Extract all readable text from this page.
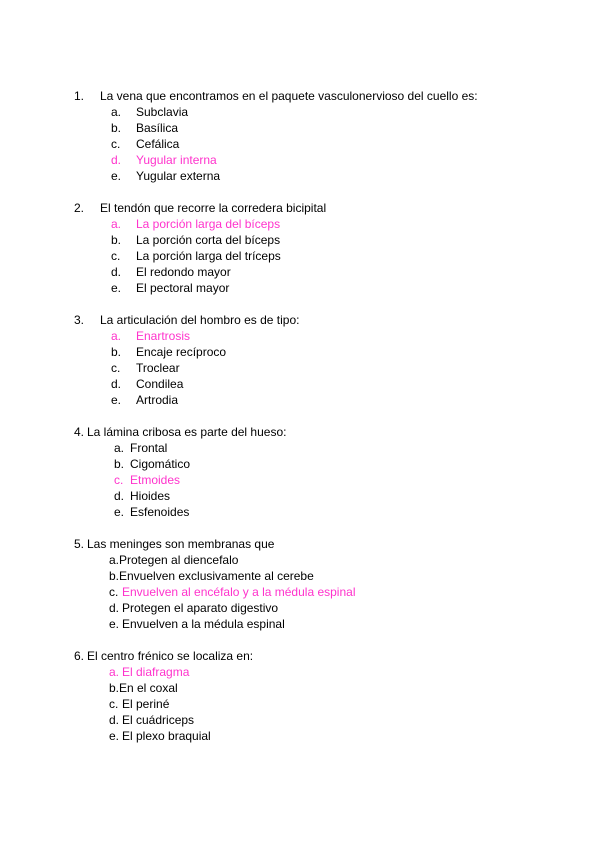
1. La vena que encontramos en el paquete vasculonervioso del cuello es:
a. Subclavia
b. Basílica
c. Cefálica
d. Yugular interna
e. Yugular externa
2. El tendón que recorre la corredera bicipital
a. La porción larga del bíceps
b. La porción corta del bíceps
c. La porción larga del tríceps
d. El redondo mayor
e. El pectoral mayor
3. La articulación del hombro es de tipo:
a. Enartrosis
b. Encaje recíproco
c. Troclear
d. Condilea
e. Artrodia
4. La lámina cribosa es parte del hueso:
a. Frontal
b. Cigomático
c. Etmoides
d. Hioides
e. Esfenoides
5. Las meninges son membranas que
a. Protegen al diencefalo
b. Envuelven exclusivamente al cerebe
c. Envuelven al encéfalo y a la médula espinal
d. Protegen el aparato digestivo
e. Envuelven a la médula espinal
6. El centro frénico se localiza en:
a. El diafragma
b. En el coxal
c. El periné
d. El cuádriceps
e. El plexo braquial
